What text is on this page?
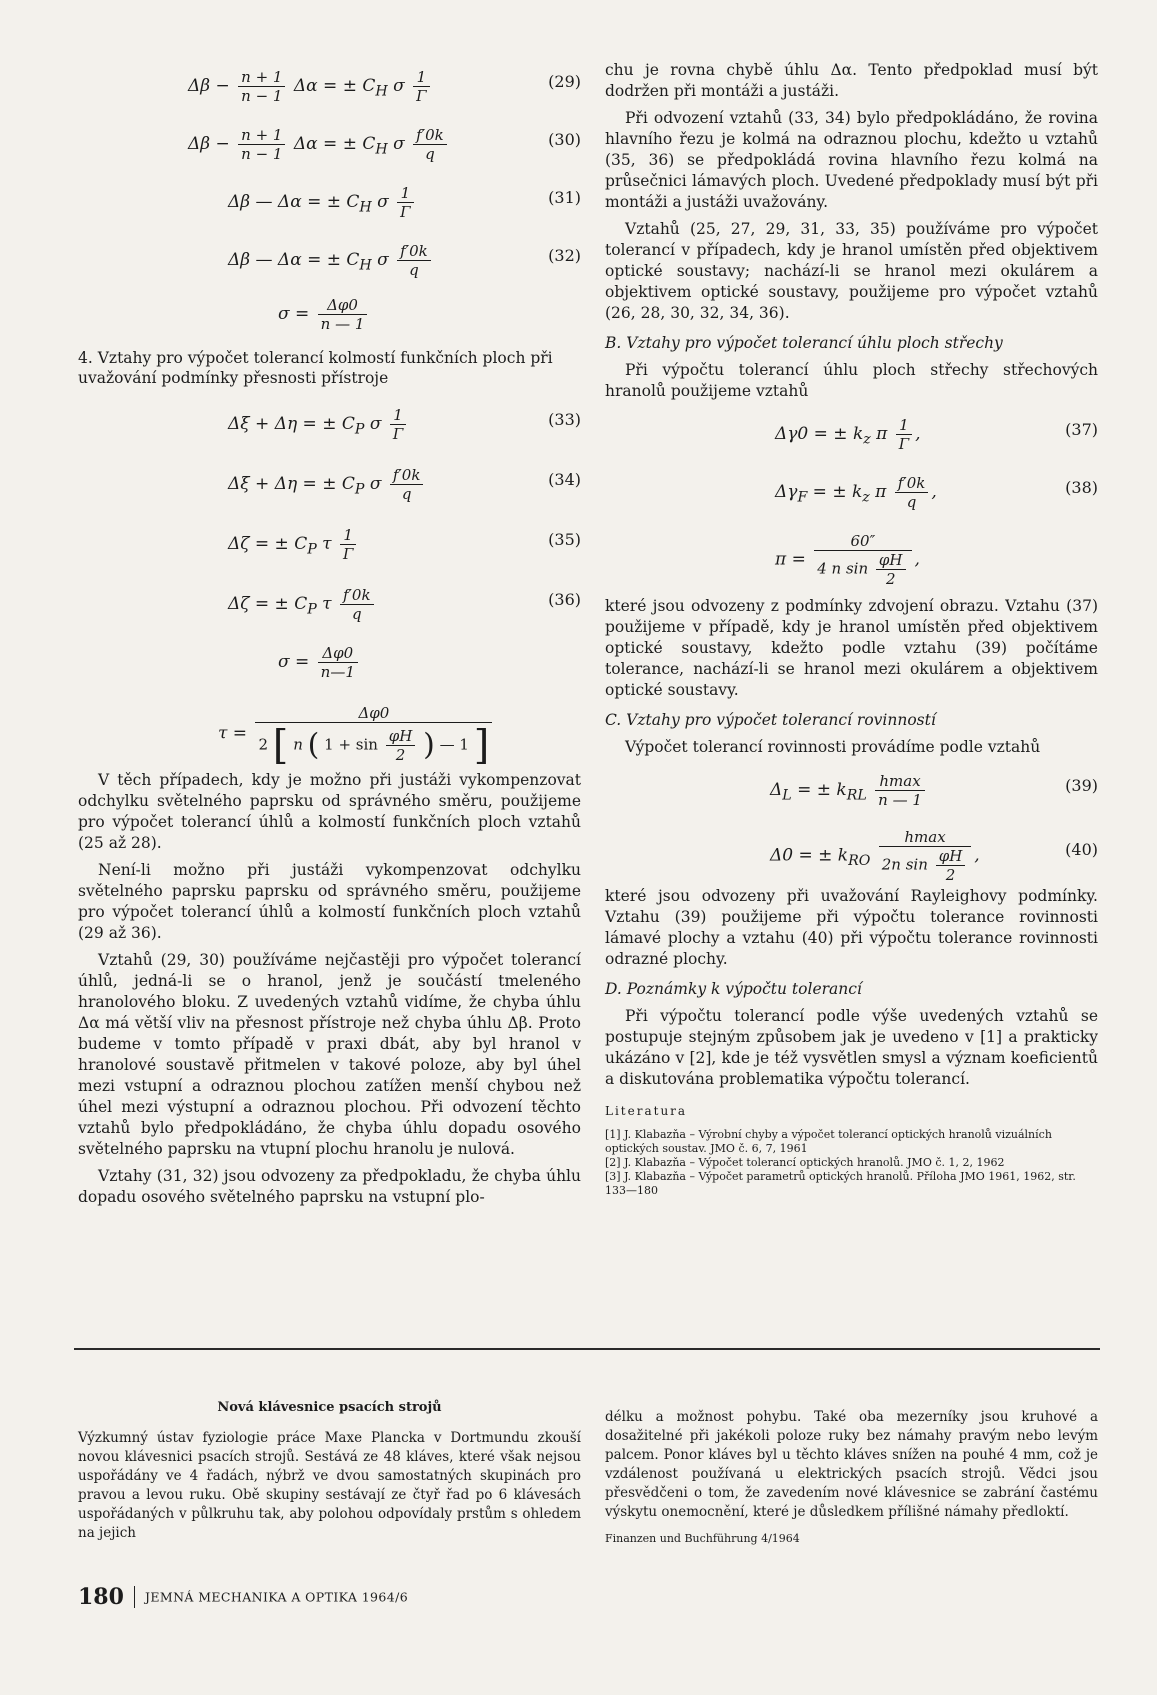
$\Delta\beta - \frac{n + 1}{n - 1}$ Δα = ± $C_H$ σ $\frac{1}{\Gamma}$	(29)
$\Delta\beta - \frac{n + 1}{n - 1}$ Δα = ± $C_H$ σ $\frac{f'0k}{q}$	(30)
Δβ — Δα = ± $C_H$ σ $\frac{1}{\Gamma}$	(31)
Δβ — Δα = ± $C_H$ σ $\frac{f'0k}{q}$	(32)
$\sigma = \frac{\Delta\varphi 0}{n — 1}$
4. Vztahy pro výpočet tolerancí kolmostí funkčních ploch při uvažování podmínky přesnosti přístroje
Δξ + Δη = ± $C_P$ σ $\frac{1}{\Gamma}$	(33)
Δξ + Δη = ± $C_P$ σ $\frac{f'0k}{q}$	(34)
Δζ = ± $C_P$ τ $\frac{1}{\Gamma}$	(35)
Δζ = ± $C_P$ τ $\frac{f'0k}{q}$	(36)
$\sigma = \frac{\Delta\varphi 0}{n—1}$
τ =
Δφ0
2 [ n ( $1 + \sin \frac{\varphi H}{2}$ ) — 1 ]

V těch případech, kdy je možno při justáži vykompenzovat odchylku světelného paprsku od správného směru, použijeme pro výpočet tolerancí úhlů a kolmostí funkčních ploch vztahů (25 až 28).

Není-li možno při justáži vykompenzovat odchylku světelného paprsku paprsku od správného směru, použijeme pro výpočet tolerancí úhlů a kolmostí funkčních ploch vztahů (29 až 36).

Vztahů (29, 30) používáme nejčastěji pro výpočet tolerancí úhlů, jedná-li se o hranol, jenž je součástí tmeleného hranolového bloku. Z uvedených vztahů vidíme, že chyba úhlu Δα má větší vliv na přesnost přístroje než chyba úhlu Δβ. Proto budeme v tomto případě v praxi dbát, aby byl hranol v hranolové soustavě přitmelen v takové poloze, aby byl úhel mezi vstupní a odraznou plochou zatížen menší chybou než úhel mezi výstupní a odraznou plochou. Při odvození těchto vztahů bylo předpokládáno, že chyba úhlu dopadu osového světelného paprsku na vtupní plochu hranolu je nulová.

Vztahy (31, 32) jsou odvozeny za předpokladu, že chyba úhlu dopadu osového světelného paprsku na vstupní plo-

chu je rovna chybě úhlu Δα. Tento předpoklad musí být dodržen při montáži a justáži.

Při odvození vztahů (33, 34) bylo předpokládáno, že rovina hlavního řezu je kolmá na odraznou plochu, kdežto u vztahů (35, 36) se předpokládá rovina hlavního řezu kolmá na průsečnici lámavých ploch. Uvedené předpoklady musí být při montáži a justáži uvažovány.

Vztahů (25, 27, 29, 31, 33, 35) používáme pro výpočet tolerancí v případech, kdy je hranol umístěn před objektivem optické soustavy; nachází-li se hranol mezi okulárem a objektivem optické soustavy, použijeme pro výpočet vztahů (26, 28, 30, 32, 34, 36).

B. Vztahy pro výpočet tolerancí úhlu ploch střechy

Při výpočtu tolerancí úhlu ploch střechy střechových hranolů použijeme vztahů

Δγ0 = ± $k_z$ π $\frac{1}{\Gamma}$ ,	(37)
$\Delta\gamma_F$ = ± $k_z$ π $\frac{f'0k}{q}$ ,	(38)
$\pi = \frac{60''}{4 n \sin \frac{\varphi H}{2}}$ ,

které jsou odvozeny z podmínky zdvojení obrazu. Vztahu (37) použijeme v případě, kdy je hranol umístěn před objektivem optické soustavy, kdežto podle vztahu (39) počítáme tolerance, nachází-li se hranol mezi okulárem a objektivem optické soustavy.

C. Vztahy pro výpočet tolerancí rovinností

Výpočet tolerancí rovinnosti provádíme podle vztahů

$\Delta_L$ = ± $k_{RL} \frac{hmax}{n — 1}$	(39)
Δ0 = ± $k_{RO} \frac{hmax}{2n \sin \frac{\varphi H}{2}}$ ,	(40)

které jsou odvozeny při uvažování Rayleighovy podmínky. Vztahu (39) použijeme při výpočtu tolerance rovinnosti lámavé plochy a vztahu (40) při výpočtu tolerance rovinnosti odrazné plochy.

D. Poznámky k výpočtu tolerancí

Při výpočtu tolerancí podle výše uvedených vztahů se postupuje stejným způsobem jak je uvedeno v [1] a prakticky ukázáno v [2], kde je též vysvětlen smysl a význam koeficientů a diskutována problematika výpočtu tolerancí.

Literatura

[1] J. Klabazňa – Výrobní chyby a výpočet tolerancí optických hranolů vizuálních optických soustav. JMO č. 6, 7, 1961

[2] J. Klabazňa – Výpočet tolerancí optických hranolů. JMO č. 1, 2, 1962

[3] J. Klabazňa – Výpočet parametrů optických hranolů. Příloha JMO 1961, 1962, str. 133—180

Nová klávesnice psacích strojů

Výzkumný ústav fyziologie práce Maxe Plancka v Dortmundu zkouší novou klávesnici psacích strojů. Sestává ze 48 kláves, které však nejsou uspořádány ve 4 řadách, nýbrž ve dvou samostatných skupinách pro pravou a levou ruku. Obě skupiny sestávají ze čtyř řad po 6 klávesách uspořádaných v půlkruhu tak, aby polohou odpovídaly prstům s ohledem na jejich

délku a možnost pohybu. Také oba mezerníky jsou kruhové a dosažitelné při jakékoli poloze ruky bez námahy pravým nebo levým palcem. Ponor kláves byl u těchto kláves snížen na pouhé 4 mm, což je vzdálenost používaná u elektrických psacích strojů. Vědci jsou přesvědčeni o tom, že zavedením nové klávesnice se zabrání častému výskytu onemocnění, které je důsledkem přílišné námahy předloktí.

Finanzen und Buchführung 4/1964

180 JEMNÁ MECHANIKA A OPTIKA 1964/6
